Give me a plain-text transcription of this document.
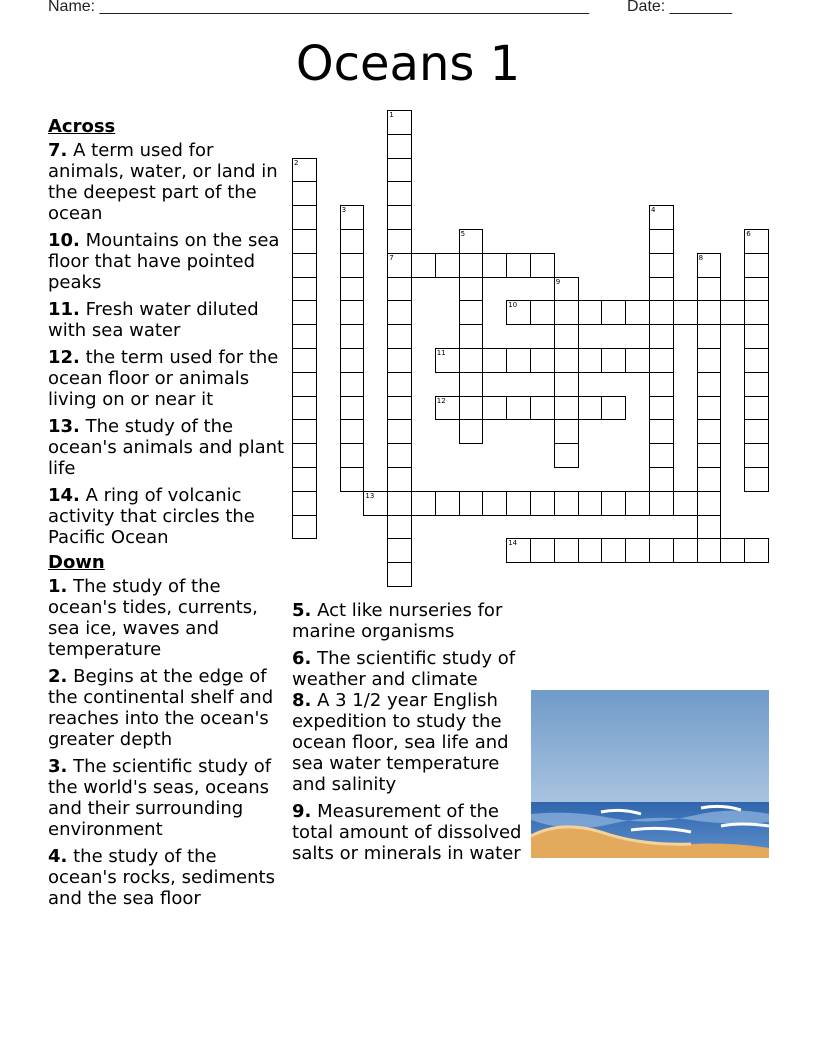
Name: _______________________________________________________ Date: _______
Oceans 1
Across
7. A term used for animals, water, or land in the deepest part of the ocean
10. Mountains on the sea floor that have pointed peaks
11. Fresh water diluted with sea water
12. the term used for the ocean floor or animals living on or near it
13. The study of the ocean's animals and plant life
14. A ring of volcanic activity that circles the Pacific Ocean
Down
1. The study of the ocean's tides, currents, sea ice, waves and temperature
2. Begins at the edge of the continental shelf and reaches into the ocean's greater depth
3. The scientific study of the world's seas, oceans and their surrounding environment
4. the study of the ocean's rocks, sediments and the sea floor
5. Act like nurseries for marine organisms
6. The scientific study of weather and climate
8. A 3 1/2 year English expedition to study the ocean floor, sea life and sea water temperature and salinity
9. Measurement of the total amount of dissolved salts or minerals in water
1
7
2
3	4
5	6
8
9
10
11
12
13
14
